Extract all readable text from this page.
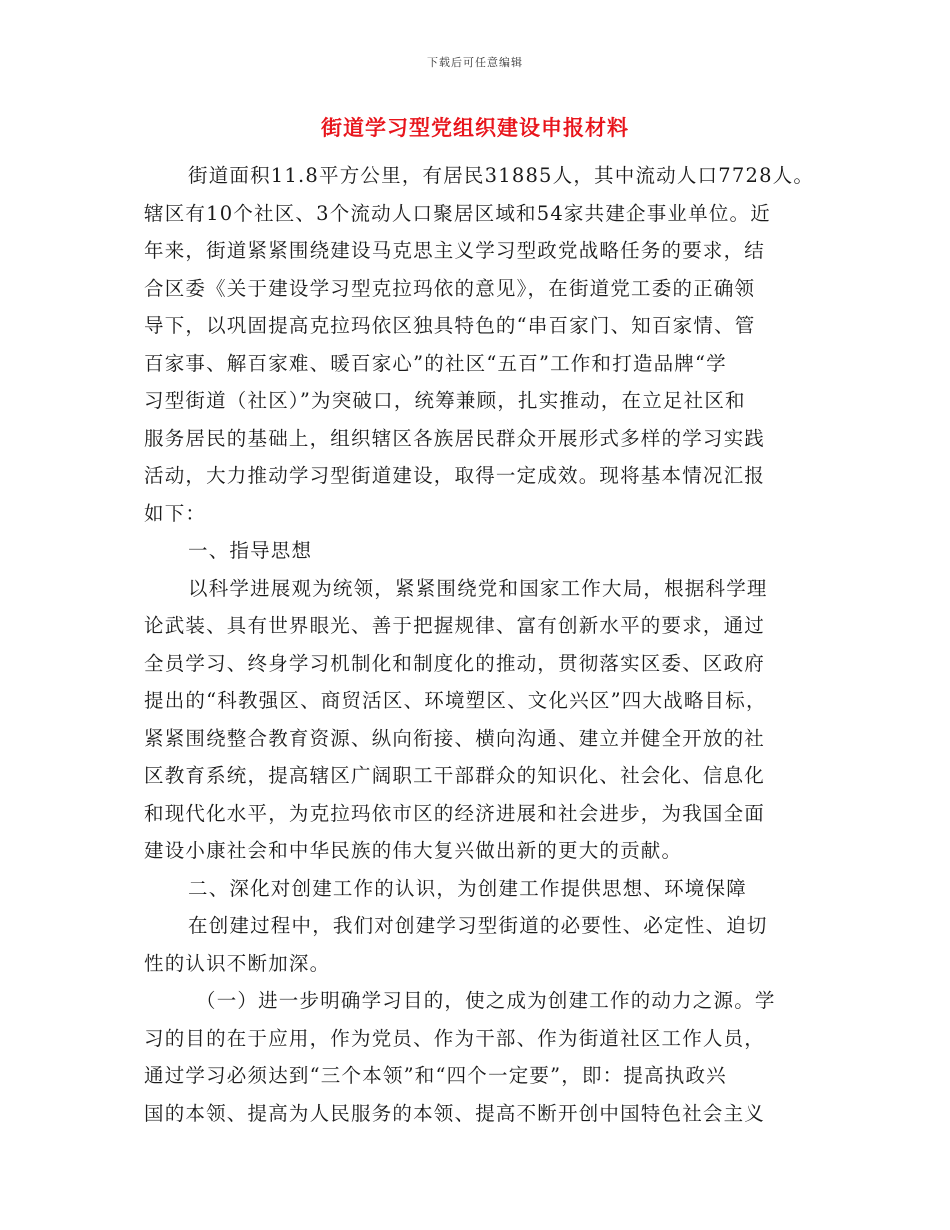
下载后可任意编辑
街道学习型党组织建设申报材料
街道面积11.8平方公里，有居民31885人，其中流动人口7728人。
辖区有10个社区、3个流动人口聚居区域和54家共建企事业单位。近
年来，街道紧紧围绕建设马克思主义学习型政党战略任务的要求，结
合区委《关于建设学习型克拉玛依的意见》，在街道党工委的正确领
导下，以巩固提高克拉玛依区独具特色的“串百家门、知百家情、管
百家事、解百家难、暖百家心”的社区“五百”工作和打造品牌“学
习型街道（社区）”为突破口，统筹兼顾，扎实推动，在立足社区和
服务居民的基础上，组织辖区各族居民群众开展形式多样的学习实践
活动，大力推动学习型街道建设，取得一定成效。现将基本情况汇报
如下：
一、指导思想
以科学进展观为统领，紧紧围绕党和国家工作大局，根据科学理
论武装、具有世界眼光、善于把握规律、富有创新水平的要求，通过
全员学习、终身学习机制化和制度化的推动，贯彻落实区委、区政府
提出的“科教强区、商贸活区、环境塑区、文化兴区”四大战略目标，
紧紧围绕整合教育资源、纵向衔接、横向沟通、建立并健全开放的社
区教育系统，提高辖区广阔职工干部群众的知识化、社会化、信息化
和现代化水平，为克拉玛依市区的经济进展和社会进步，为我国全面
建设小康社会和中华民族的伟大复兴做出新的更大的贡献。
二、深化对创建工作的认识，为创建工作提供思想、环境保障
在创建过程中，我们对创建学习型街道的必要性、必定性、迫切
性的认识不断加深。
（一）进一步明确学习目的，使之成为创建工作的动力之源。学
习的目的在于应用，作为党员、作为干部、作为街道社区工作人员，
通过学习必须达到“三个本领”和“四个一定要”，即：提高执政兴
国的本领、提高为人民服务的本领、提高不断开创中国特色社会主义
